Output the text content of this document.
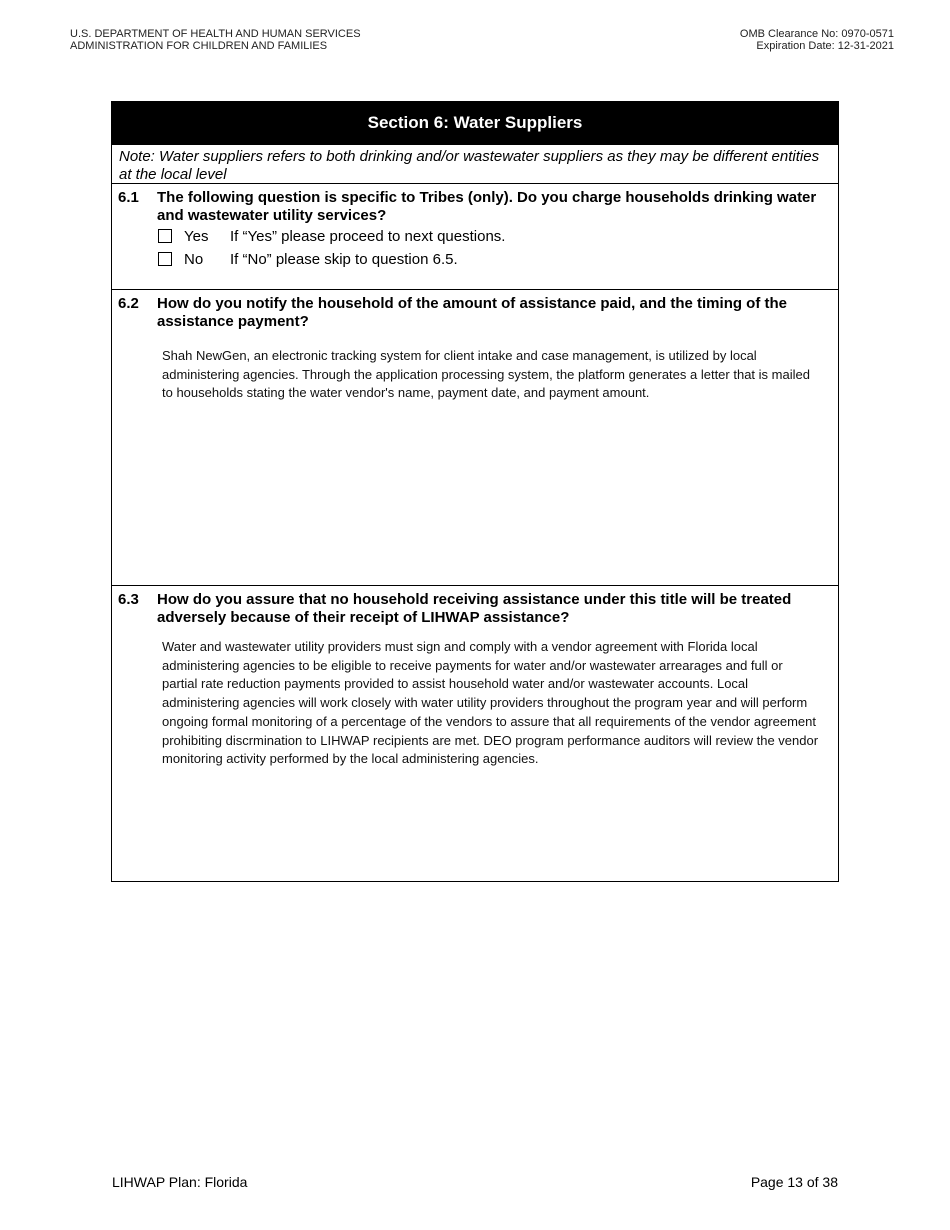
U.S. DEPARTMENT OF HEALTH AND HUMAN SERVICES
ADMINISTRATION FOR CHILDREN AND FAMILIES
OMB Clearance No: 0970-0571
Expiration Date: 12-31-2021
Section 6: Water Suppliers
Note: Water suppliers refers to both drinking and/or wastewater suppliers as they may be different entities at the local level
6.1 The following question is specific to Tribes (only). Do you charge households drinking water and wastewater utility services?
Yes If “Yes” please proceed to next questions.
No If “No” please skip to question 6.5.
6.2 How do you notify the household of the amount of assistance paid, and the timing of the assistance payment?
Shah NewGen, an electronic tracking system for client intake and case management, is utilized by local administering agencies. Through the application processing system, the platform generates a letter that is mailed to households stating the water vendor's name, payment date, and payment amount.
6.3 How do you assure that no household receiving assistance under this title will be treated adversely because of their receipt of LIHWAP assistance?
Water and wastewater utility providers must sign and comply with a vendor agreement with Florida local administering agencies to be eligible to receive payments for water and/or wastewater arrearages and full or partial rate reduction payments provided to assist household water and/or wastewater accounts. Local administering agencies will work closely with water utility providers throughout the program year and will perform ongoing formal monitoring of a percentage of the vendors to assure that all requirements of the vendor agreement prohibiting discrmination to LIHWAP recipients are met. DEO program performance auditors will review the vendor monitoring activity performed by the local administering agencies.
LIHWAP Plan: Florida	Page 13 of 38
